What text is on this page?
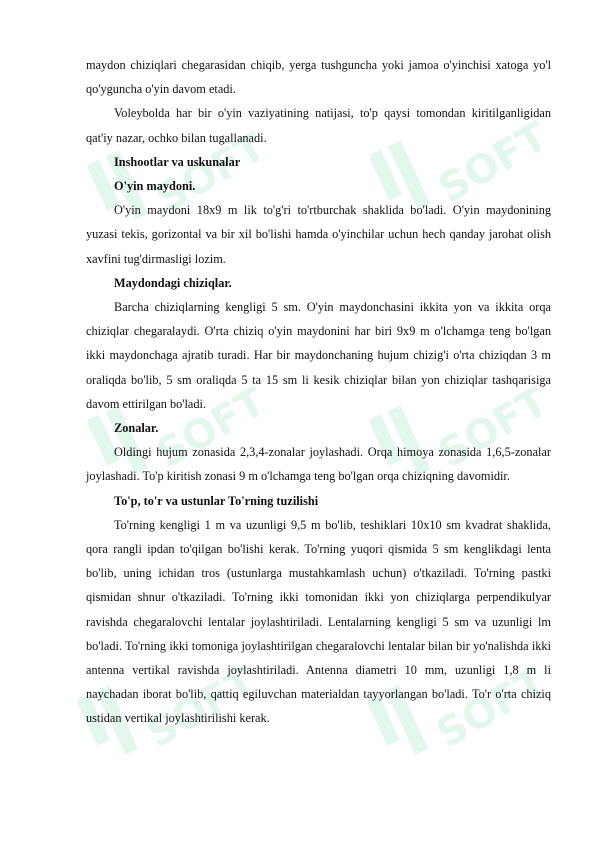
SOFT	SOFT
SOFT	SOFT
SOFT	SOFT

maydon chiziqlari chegarasidan chiqib, yerga tushguncha yoki jamoa o'yinchisi xatoga yo'l qo'yguncha o'yin davom etadi.

Voleybolda har bir o'yin vaziyatining natijasi, to'p qaysi tomondan kiritilganligidan qat'iy nazar, ochko bilan tugallanadi.

Inshootlar va uskunalar

O'yin maydoni.

O'yin maydoni 18x9 m lik to'g'ri to'rtburchak shaklida bo'ladi. O'yin maydonining yuzasi tekis, gorizontal va bir xil bo'lishi hamda o'yinchilar uchun hech qanday jarohat olish xavfini tug'dirmasligi lozim.

Maydondagi chiziqlar.

Barcha chiziqlarning kengligi 5 sm. O'yin maydonchasini ikkita yon va ikkita orqa chiziqlar chegaralaydi. O'rta chiziq o'yin maydonini har biri 9x9 m o'lchamga teng bo'lgan ikki maydonchaga ajratib turadi. Har bir maydonchaning hujum chizig'i o'rta chiziqdan 3 m oraliqda bo'lib, 5 sm oraliqda 5 ta 15 sm li kesik chiziqlar bilan yon chiziqlar tashqarisiga davom ettirilgan bo'ladi.

Zonalar.

Oldingi hujum zonasida 2,3,4-zonalar joylashadi. Orqa himoya zonasida 1,6,5-zonalar joylashadi. To'p kiritish zonasi 9 m o'lchamga teng bo'lgan orqa chiziqning davomidir.

To'p, to'r va ustunlar To'rning tuzilishi

To'rning kengligi 1 m va uzunligi 9,5 m bo'lib, teshiklari 10x10 sm kvadrat shaklida, qora rangli ipdan to'qilgan bo'lishi kerak. To'rning yuqori qismida 5 sm kenglikdagi lenta bo'lib, uning ichidan tros (ustunlarga mustahkamlash uchun) o'tkaziladi. To'rning pastki qismidan shnur o'tkaziladi. To'rning ikki tomonidan ikki yon chiziqlarga perpendikulyar ravishda chegaralovchi lentalar joylashtiriladi. Lentalarning kengligi 5 sm va uzunligi lm bo'ladi. To'rning ikki tomoniga joylashtirilgan chegaralovchi lentalar bilan bir yo'nalishda ikki antenna vertikal ravishda joylashtiriladi. Antenna diametri 10 mm, uzunligi 1,8 m li naychadan iborat bo'lib, qattiq egiluvchan materialdan tayyorlangan bo'ladi. To'r o'rta chiziq ustidan vertikal joylashtirilishi kerak.
